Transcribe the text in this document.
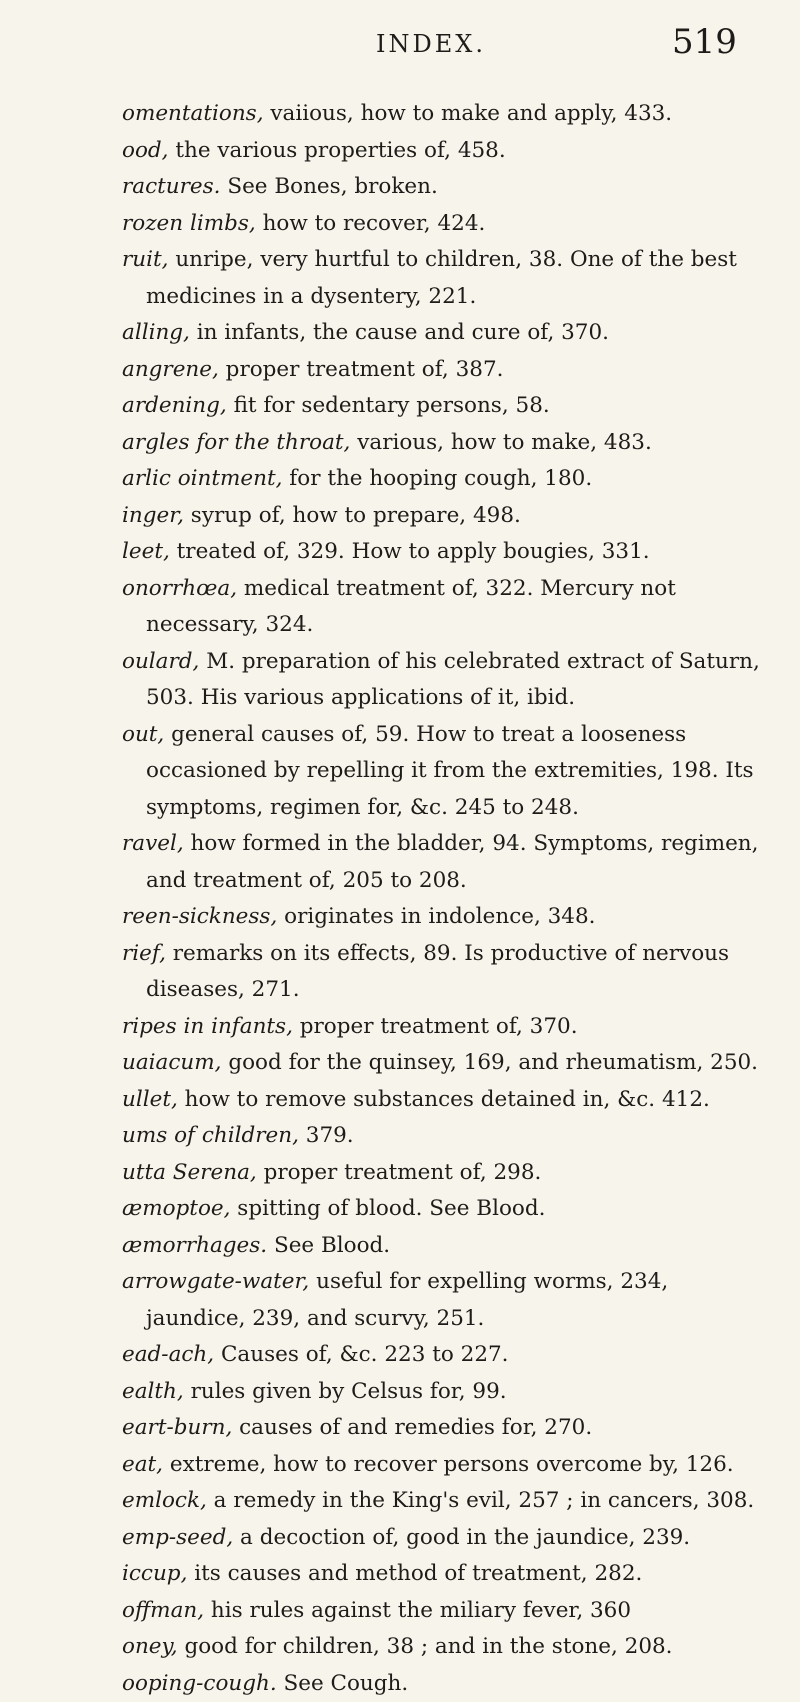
INDEX.	519

omentations, vaiious, how to make and apply, 433.

ood, the various properties of, 458.

ractures. See Bones, broken.

rozen limbs, how to recover, 424.

ruit, unripe, very hurtful to children, 38. One of the best medicines in a dysentery, 221.

alling, in infants, the cause and cure of, 370.

angrene, proper treatment of, 387.

ardening, fit for sedentary persons, 58.

argles for the throat, various, how to make, 483.

arlic ointment, for the hooping cough, 180.

inger, syrup of, how to prepare, 498.

leet, treated of, 329. How to apply bougies, 331.

onorrhœa, medical treatment of, 322. Mercury not necessary, 324.

oulard, M. preparation of his celebrated extract of Saturn, 503. His various applications of it, ibid.

out, general causes of, 59. How to treat a looseness occasioned by repelling it from the extremities, 198. Its symptoms, regimen for, &c. 245 to 248.

ravel, how formed in the bladder, 94. Symptoms, regimen, and treatment of, 205 to 208.

reen-sickness, originates in indolence, 348.

rief, remarks on its effects, 89. Is productive of nervous diseases, 271.

ripes in infants, proper treatment of, 370.

uaiacum, good for the quinsey, 169, and rheumatism, 250.

ullet, how to remove substances detained in, &c. 412.

ums of children, 379.

utta Serena, proper treatment of, 298.

æmoptoe, spitting of blood. See Blood.

æmorrhages. See Blood.

arrowgate-water, useful for expelling worms, 234, jaundice, 239, and scurvy, 251.

ead-ach, Causes of, &c. 223 to 227.

ealth, rules given by Celsus for, 99.

eart-burn, causes of and remedies for, 270.

eat, extreme, how to recover persons overcome by, 126.

emlock, a remedy in the King's evil, 257 ; in cancers, 308.

emp-seed, a decoction of, good in the jaundice, 239.

iccup, its causes and method of treatment, 282.

offman, his rules against the miliary fever, 360

oney, good for children, 38 ; and in the stone, 208.

ooping-cough. See Cough.
